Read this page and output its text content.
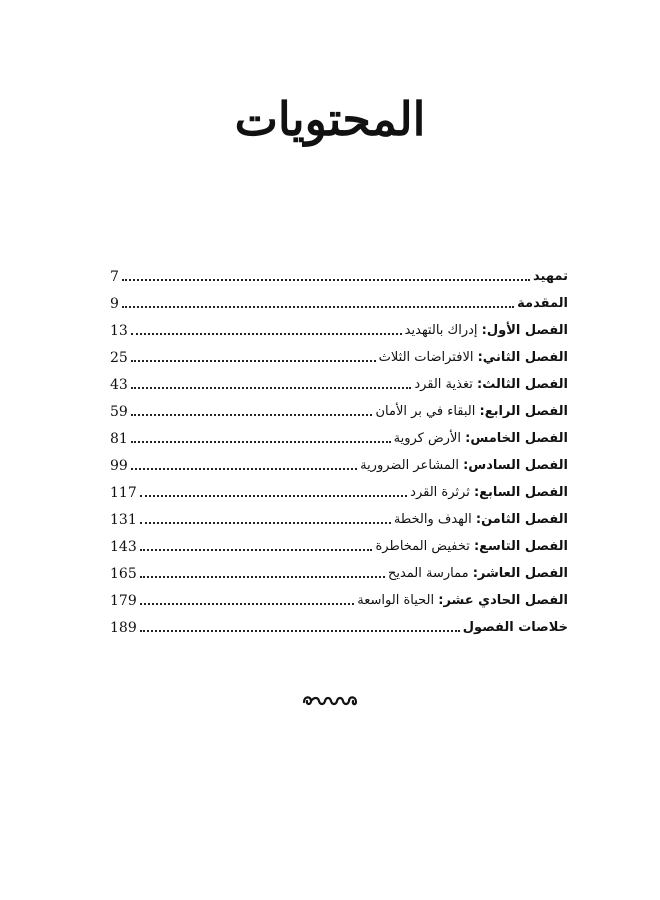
المحتويات
تمهيد
7
المقدمة
9
الفصل الأول: إدراك بالتهديد
13
الفصل الثاني: الافتراضات الثلاث
25
الفصل الثالث: تغذية القرد
43
الفصل الرابع: البقاء في بر الأمان
59
الفصل الخامس: الأرض كروية
81
الفصل السادس: المشاعر الضرورية
99
الفصل السابع: ثرثرة القرد
117
الفصل الثامن: الهدف والخطة
131
الفصل التاسع: تخفيض المخاطرة
143
الفصل العاشر: ممارسة المديح
165
الفصل الحادي عشر: الحياة الواسعة
179
خلاصات الفصول
189
